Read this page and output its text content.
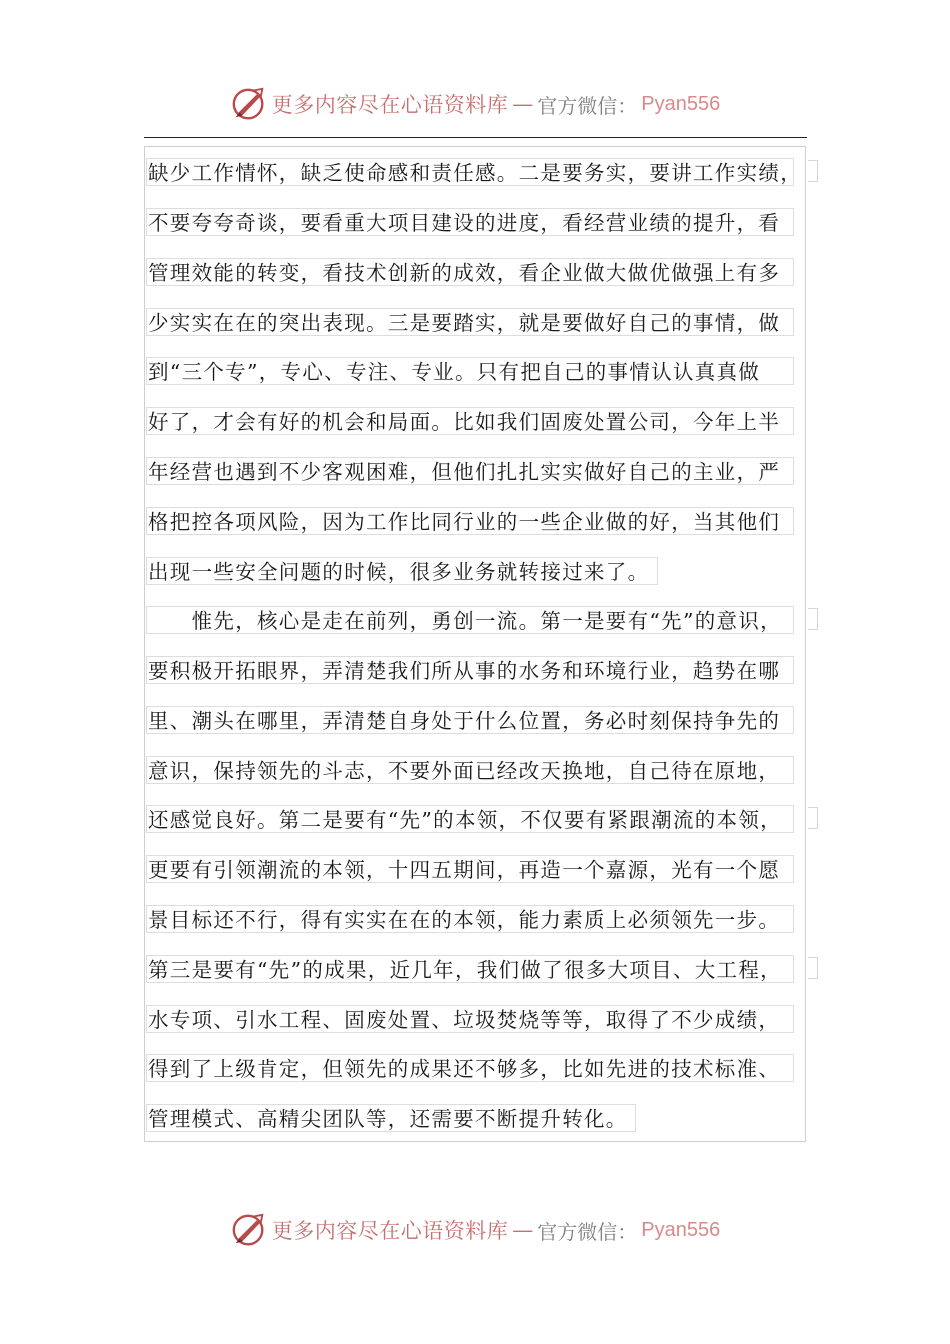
更多内容尽在心语资料库 — 官方微信： Pyan556
缺少工作情怀，缺乏使命感和责任感。二是要务实，要讲工作实绩，
不要夸夸奇谈，要看重大项目建设的进度，看经营业绩的提升，看
管理效能的转变，看技术创新的成效，看企业做大做优做强上有多
少实实在在的突出表现。三是要踏实，就是要做好自己的事情，做
到“三个专”，专心、专注、专业。只有把自己的事情认认真真做
好了，才会有好的机会和局面。比如我们固废处置公司，今年上半
年经营也遇到不少客观困难，但他们扎扎实实做好自己的主业，严
格把控各项风险，因为工作比同行业的一些企业做的好，当其他们
出现一些安全问题的时候，很多业务就转接过来了。
　　惟先，核心是走在前列，勇创一流。第一是要有“先”的意识，
要积极开拓眼界，弄清楚我们所从事的水务和环境行业，趋势在哪
里、潮头在哪里，弄清楚自身处于什么位置，务必时刻保持争先的
意识，保持领先的斗志，不要外面已经改天换地，自己待在原地，
还感觉良好。第二是要有“先”的本领，不仅要有紧跟潮流的本领，
更要有引领潮流的本领，十四五期间，再造一个嘉源，光有一个愿
景目标还不行，得有实实在在的本领，能力素质上必须领先一步。
第三是要有“先”的成果，近几年，我们做了很多大项目、大工程，
水专项、引水工程、固废处置、垃圾焚烧等等，取得了不少成绩，
得到了上级肯定，但领先的成果还不够多，比如先进的技术标准、
管理模式、高精尖团队等，还需要不断提升转化。
更多内容尽在心语资料库 — 官方微信： Pyan556
